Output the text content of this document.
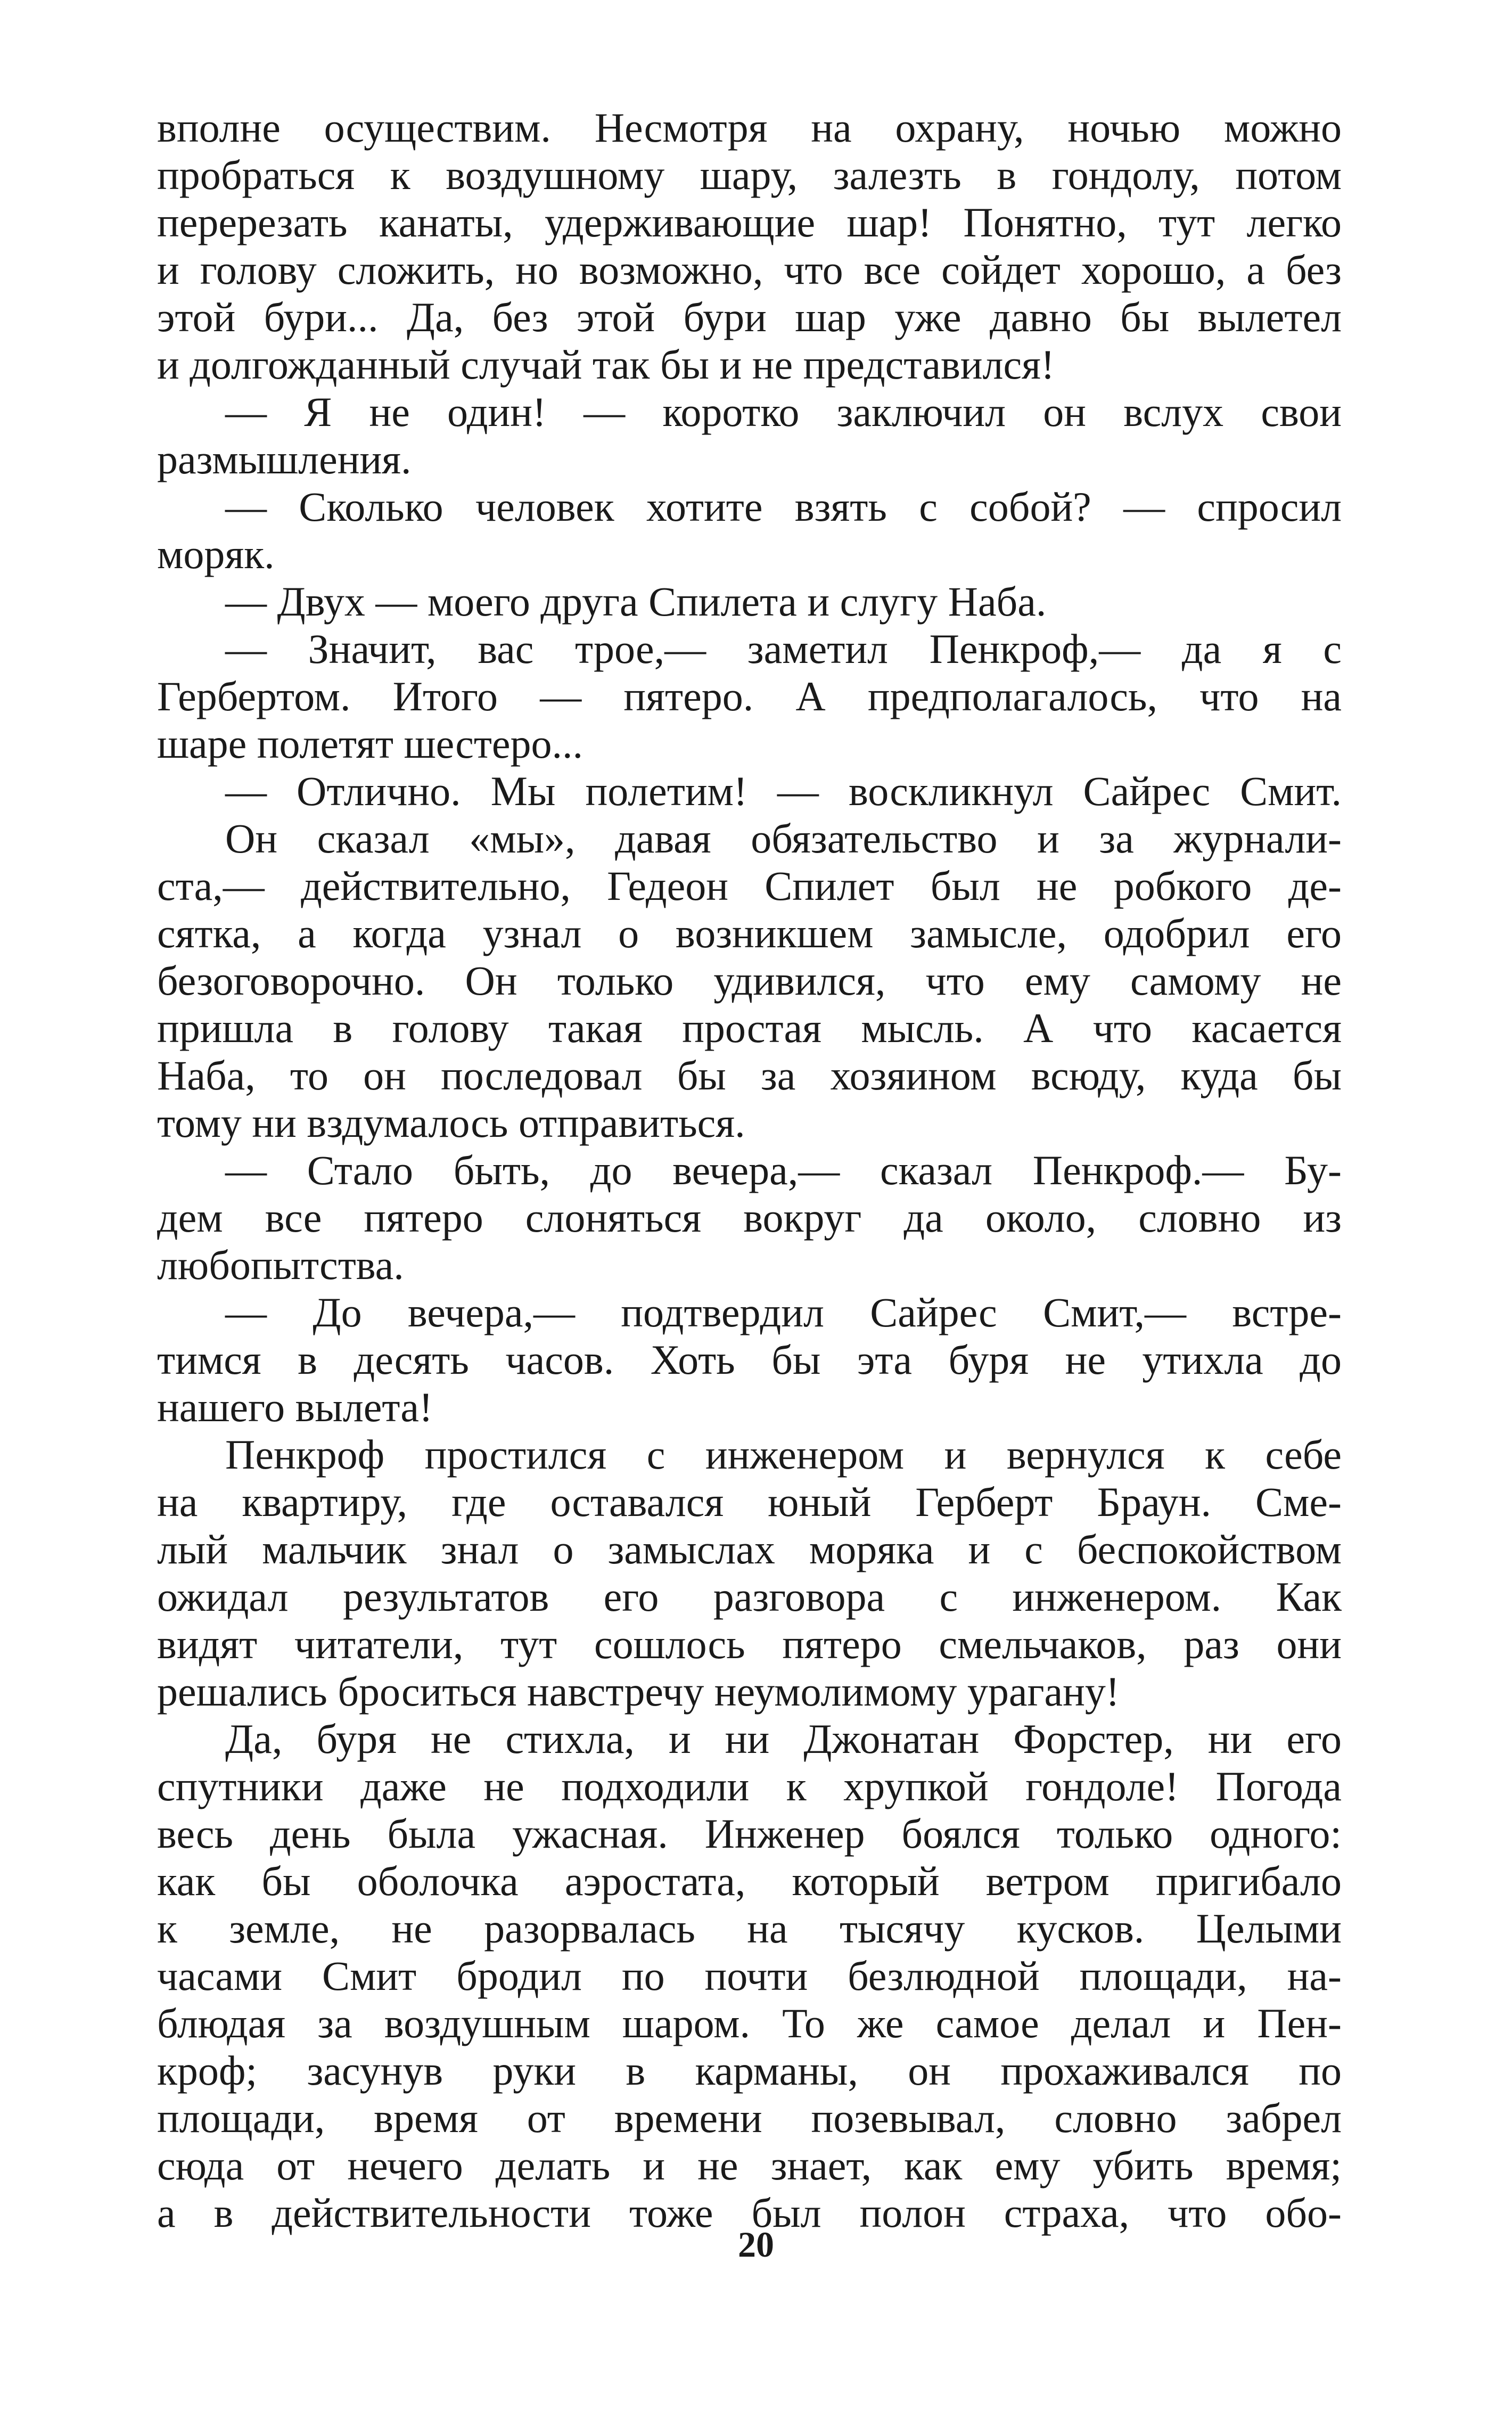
вполне осуществим. Несмотря на охрану, ночью можно
пробраться к воздушному шару, залезть в гондолу, потом
перерезать канаты, удерживающие шар! Понятно, тут легко
и голову сложить, но возможно, что все сойдет хорошо, а без
этой бури... Да, без этой бури шар уже давно бы вылетел
и долгожданный случай так бы и не представился!
— Я не один! — коротко заключил он вслух свои
размышления.
— Сколько человек хотите взять с собой? — спросил
моряк.
— Двух — моего друга Спилета и слугу Наба.
— Значит, вас трое,— заметил Пенкроф,— да я с
Гербертом. Итого — пятеро. А предполагалось, что на
шаре полетят шестеро...
— Отлично. Мы полетим! — воскликнул Сайрес Смит.
Он сказал «мы», давая обязательство и за журнали-
ста,— действительно, Гедеон Спилет был не робкого де-
сятка, а когда узнал о возникшем замысле, одобрил его
безоговорочно. Он только удивился, что ему самому не
пришла в голову такая простая мысль. А что касается
Наба, то он последовал бы за хозяином всюду, куда бы
тому ни вздумалось отправиться.
— Стало быть, до вечера,— сказал Пенкроф.— Бу-
дем все пятеро слоняться вокруг да около, словно из
любопытства.
— До вечера,— подтвердил Сайрес Смит,— встре-
тимся в десять часов. Хоть бы эта буря не утихла до
нашего вылета!
Пенкроф простился с инженером и вернулся к себе
на квартиру, где оставался юный Герберт Браун. Сме-
лый мальчик знал о замыслах моряка и с беспокойством
ожидал результатов его разговора с инженером. Как
видят читатели, тут сошлось пятеро смельчаков, раз они
решались броситься навстречу неумолимому урагану!
Да, буря не стихла, и ни Джонатан Форстер, ни его
спутники даже не подходили к хрупкой гондоле! Погода
весь день была ужасная. Инженер боялся только одного:
как бы оболочка аэростата, который ветром пригибало
к земле, не разорвалась на тысячу кусков. Целыми
часами Смит бродил по почти безлюдной площади, на-
блюдая за воздушным шаром. То же самое делал и Пен-
кроф; засунув руки в карманы, он прохаживался по
площади, время от времени позевывал, словно забрел
сюда от нечего делать и не знает, как ему убить время;
а в действительности тоже был полон страха, что обо-
20
